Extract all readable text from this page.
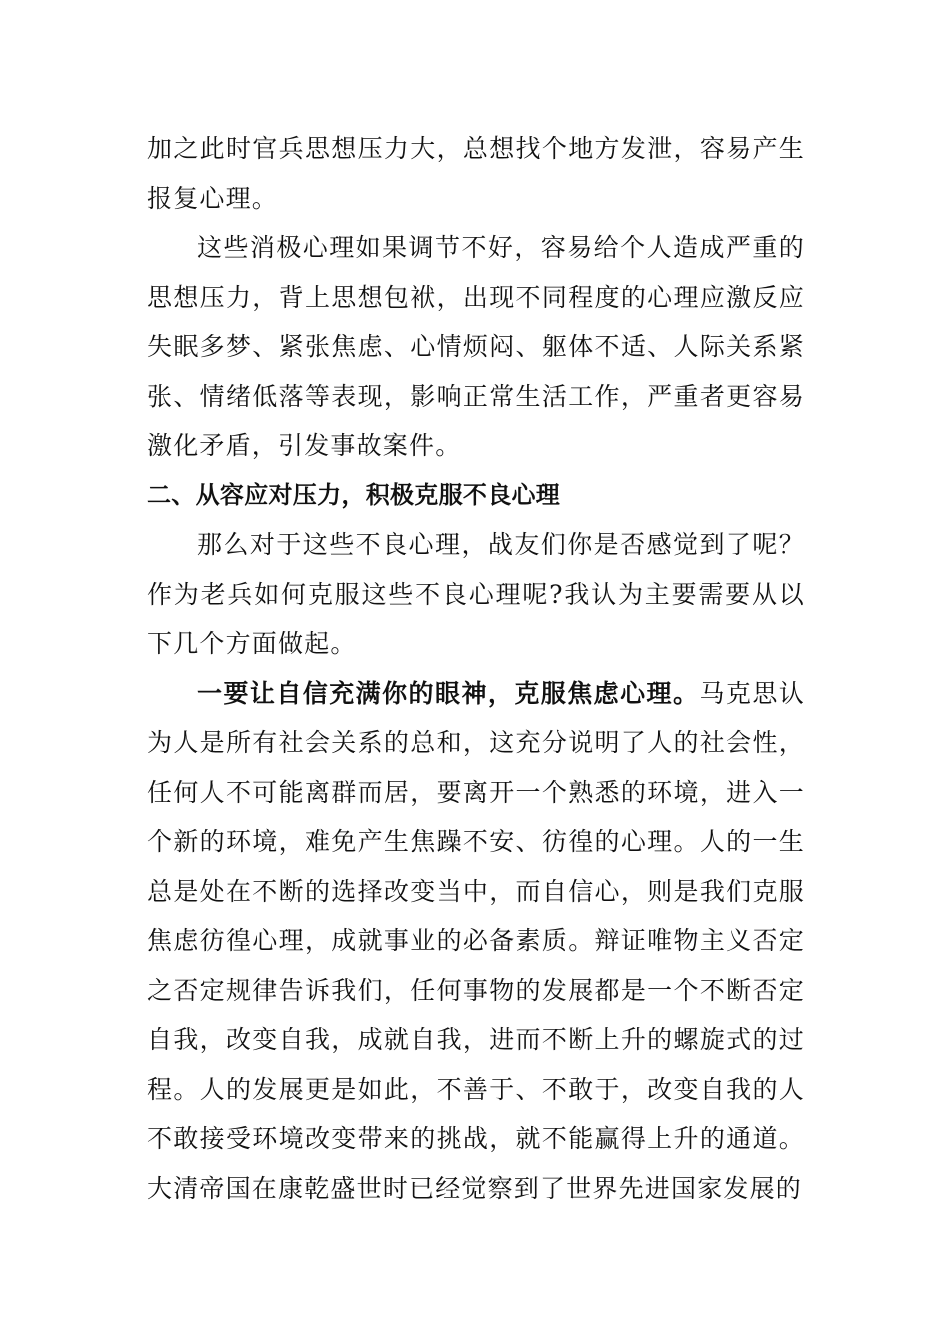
加之此时官兵思想压力大，总想找个地方发泄，容易产生报复心理。

这些消极心理如果调节不好，容易给个人造成严重的思想压力，背上思想包袱，出现不同程度的心理应激反应失眠多梦、紧张焦虑、心情烦闷、躯体不适、人际关系紧张、情绪低落等表现，影响正常生活工作，严重者更容易激化矛盾，引发事故案件。

二、从容应对压力，积极克服不良心理

那么对于这些不良心理，战友们你是否感觉到了呢？作为老兵如何克服这些不良心理呢?我认为主要需要从以下几个方面做起。

一要让自信充满你的眼神，克服焦虑心理。马克思认为人是所有社会关系的总和，这充分说明了人的社会性，任何人不可能离群而居，要离开一个熟悉的环境，进入一个新的环境，难免产生焦躁不安、彷徨的心理。人的一生总是处在不断的选择改变当中，而自信心，则是我们克服焦虑彷徨心理，成就事业的必备素质。辩证唯物主义否定之否定规律告诉我们，任何事物的发展都是一个不断否定自我，改变自我，成就自我，进而不断上升的螺旋式的过程。人的发展更是如此，不善于、不敢于，改变自我的人不敢接受环境改变带来的挑战，就不能赢得上升的通道。大清帝国在康乾盛世时已经觉察到了世界先进国家发展的
